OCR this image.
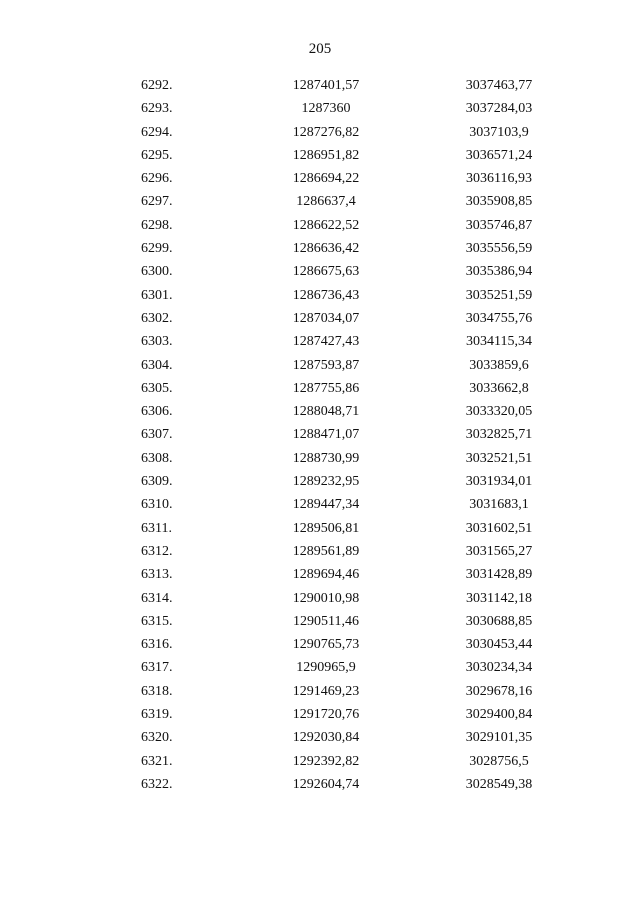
205
6292.	1287401,57	3037463,77
6293.	1287360	3037284,03
6294.	1287276,82	3037103,9
6295.	1286951,82	3036571,24
6296.	1286694,22	3036116,93
6297.	1286637,4	3035908,85
6298.	1286622,52	3035746,87
6299.	1286636,42	3035556,59
6300.	1286675,63	3035386,94
6301.	1286736,43	3035251,59
6302.	1287034,07	3034755,76
6303.	1287427,43	3034115,34
6304.	1287593,87	3033859,6
6305.	1287755,86	3033662,8
6306.	1288048,71	3033320,05
6307.	1288471,07	3032825,71
6308.	1288730,99	3032521,51
6309.	1289232,95	3031934,01
6310.	1289447,34	3031683,1
6311.	1289506,81	3031602,51
6312.	1289561,89	3031565,27
6313.	1289694,46	3031428,89
6314.	1290010,98	3031142,18
6315.	1290511,46	3030688,85
6316.	1290765,73	3030453,44
6317.	1290965,9	3030234,34
6318.	1291469,23	3029678,16
6319.	1291720,76	3029400,84
6320.	1292030,84	3029101,35
6321.	1292392,82	3028756,5
6322.	1292604,74	3028549,38
